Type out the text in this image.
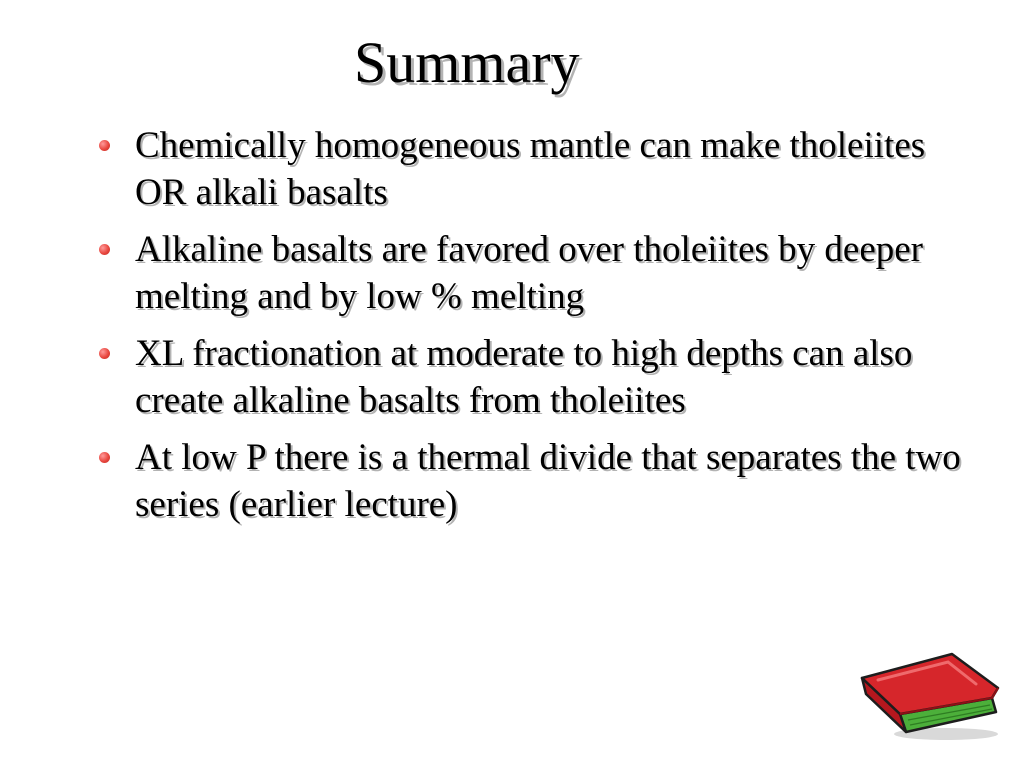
Summary
Chemically homogeneous mantle can make tholeiites OR alkali basalts
Alkaline basalts are favored over tholeiites by deeper melting and by low % melting
XL fractionation at moderate to high depths can also create alkaline basalts from tholeiites
At low P there is a thermal divide that separates the two series (earlier lecture)
